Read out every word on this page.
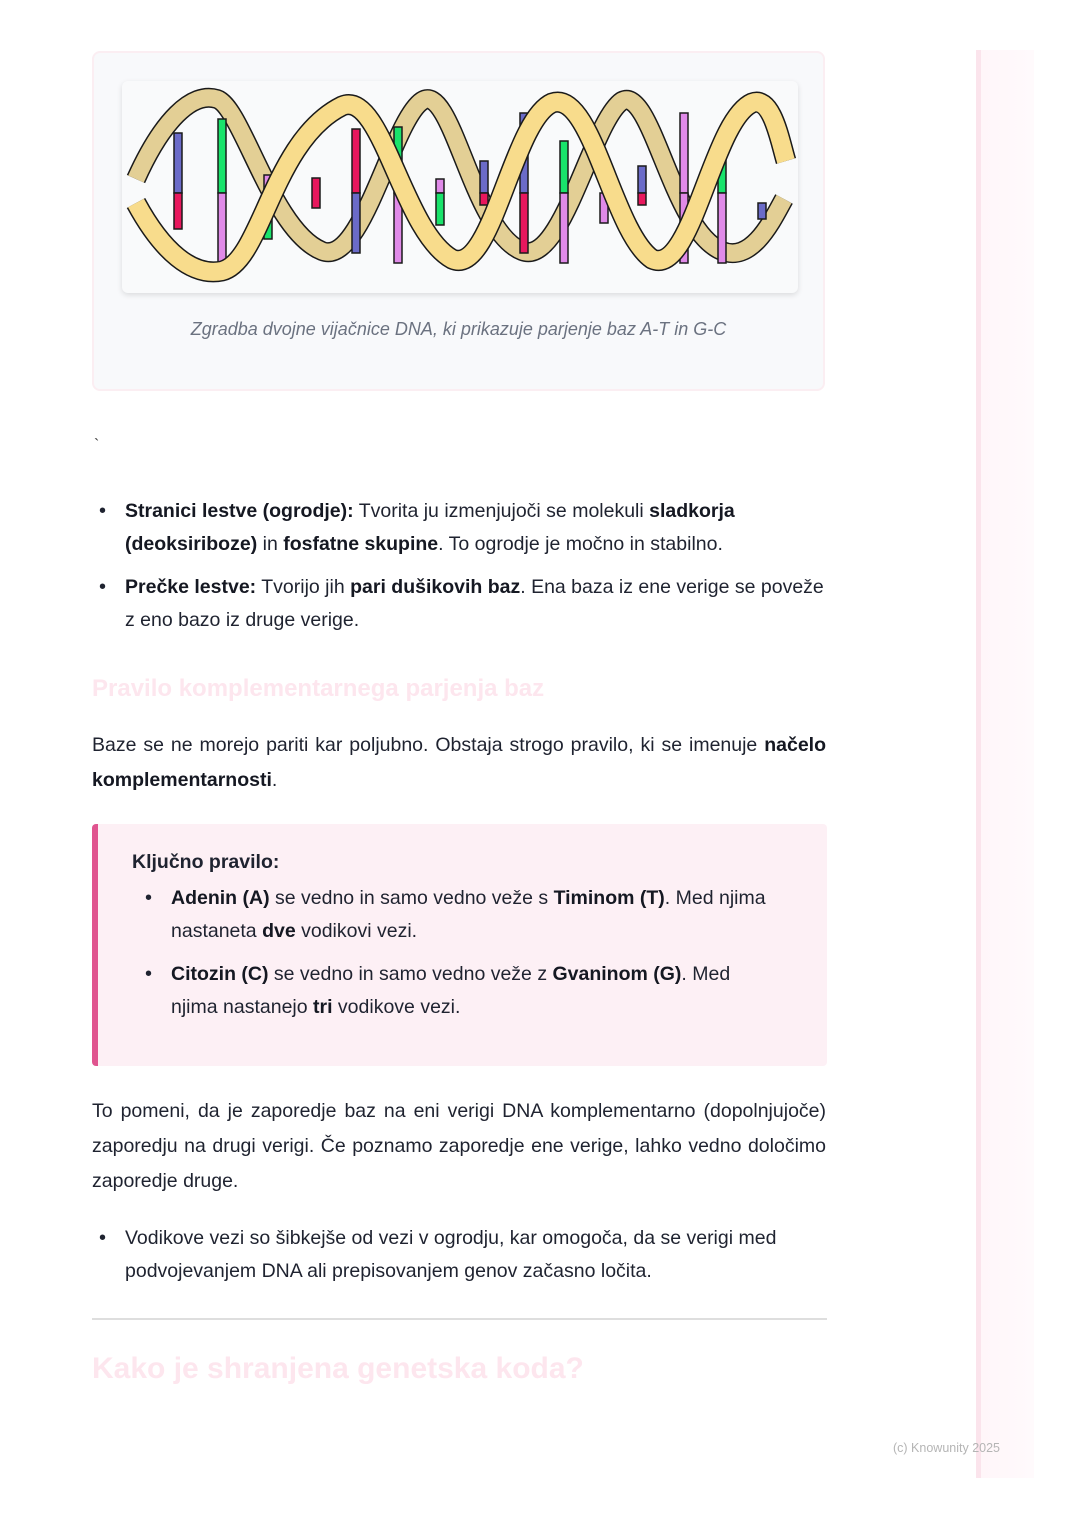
Zgradba dvojne vijačnice DNA, ki prikazuje parjenje baz A-T in G-C
`
• Stranici lestve (ogrodje): Tvorita ju izmenjujoči se molekuli sladkorja (deoksiriboze) in fosfatne skupine. To ogrodje je močno in stabilno.
• Prečke lestve: Tvorijo jih pari dušikovih baz. Ena baza iz ene verige se poveže z eno bazo iz druge verige.
Pravilo komplementarnega parjenja baz
Baze se ne morejo pariti kar poljubno. Obstaja strogo pravilo, ki se imenuje načelo komplementarnosti.
Ključno pravilo:
• Adenin (A) se vedno in samo vedno veže s Timinom (T). Med njima nastaneta dve vodikovi vezi.
• Citozin (C) se vedno in samo vedno veže z Gvaninom (G). Med njima nastanejo tri vodikove vezi.
To pomeni, da je zaporedje baz na eni verigi DNA komplementarno (dopolnjujoče) zaporedju na drugi verigi. Če poznamo zaporedje ene verige, lahko vedno določimo zaporedje druge.
• Vodikove vezi so šibkejše od vezi v ogrodju, kar omogoča, da se verigi med podvojevanjem DNA ali prepisovanjem genov začasno ločita.
Kako je shranjena genetska koda?
(c) Knowunity 2025
